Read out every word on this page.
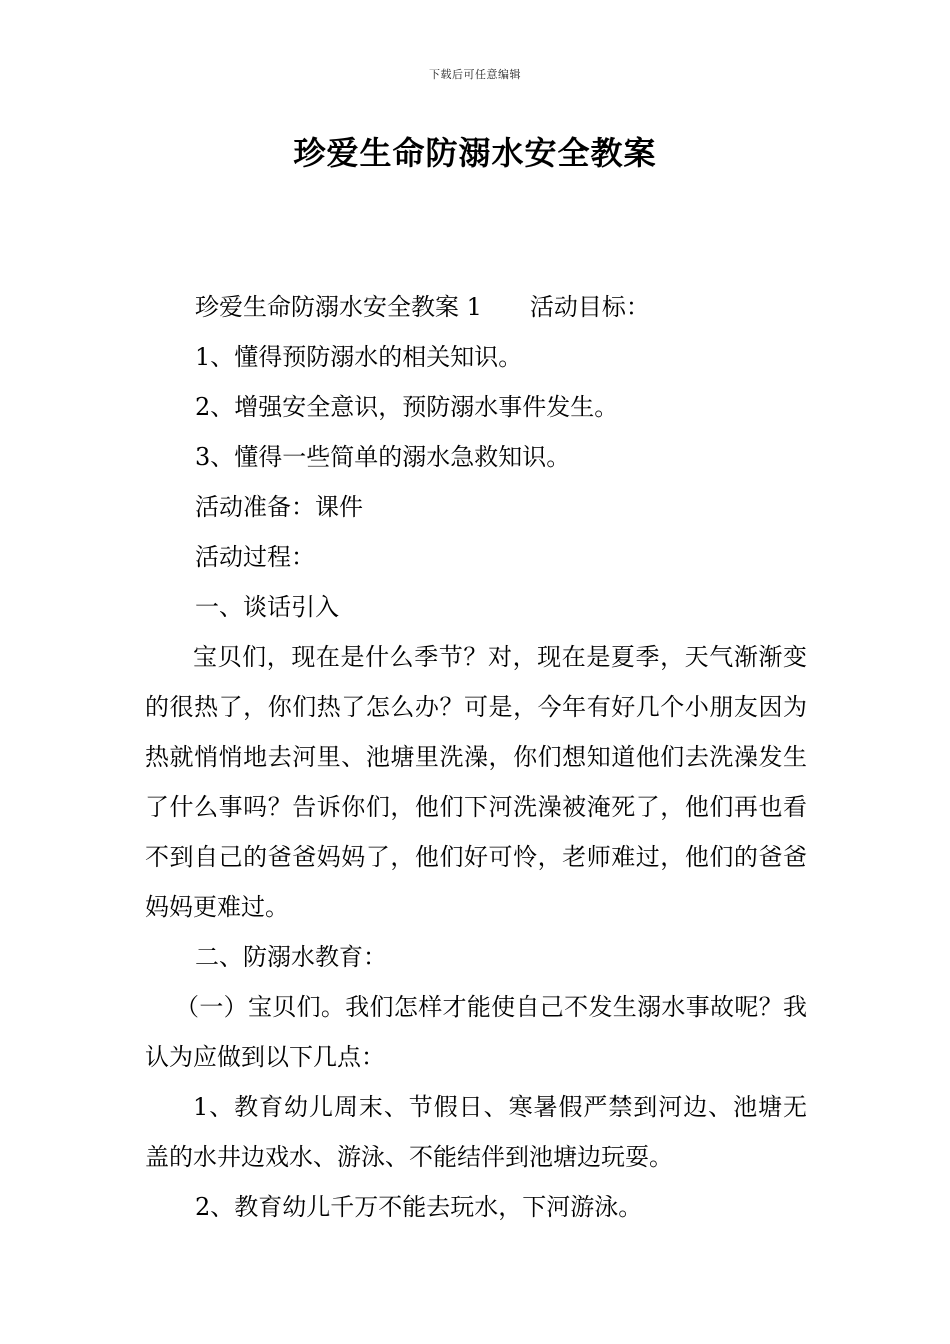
下载后可任意编辑
珍爱生命防溺水安全教案

珍爱生命防溺水安全教案 1 活动目标：

1、懂得预防溺水的相关知识。

2、增强安全意识，预防溺水事件发生。

3、懂得一些简单的溺水急救知识。

活动准备：课件

活动过程：

一、谈话引入

宝贝们，现在是什么季节？对，现在是夏季，天气渐渐变的很热了，你们热了怎么办？可是，今年有好几个小朋友因为热就悄悄地去河里、池塘里洗澡，你们想知道他们去洗澡发生了什么事吗？告诉你们，他们下河洗澡被淹死了，他们再也看不到自己的爸爸妈妈了，他们好可怜，老师难过，他们的爸爸妈妈更难过。

二、防溺水教育：

（一）宝贝们。我们怎样才能使自己不发生溺水事故呢？我认为应做到以下几点：

1、教育幼儿周末、节假日、寒暑假严禁到河边、池塘无盖的水井边戏水、游泳、不能结伴到池塘边玩耍。

2、教育幼儿千万不能去玩水，下河游泳。
